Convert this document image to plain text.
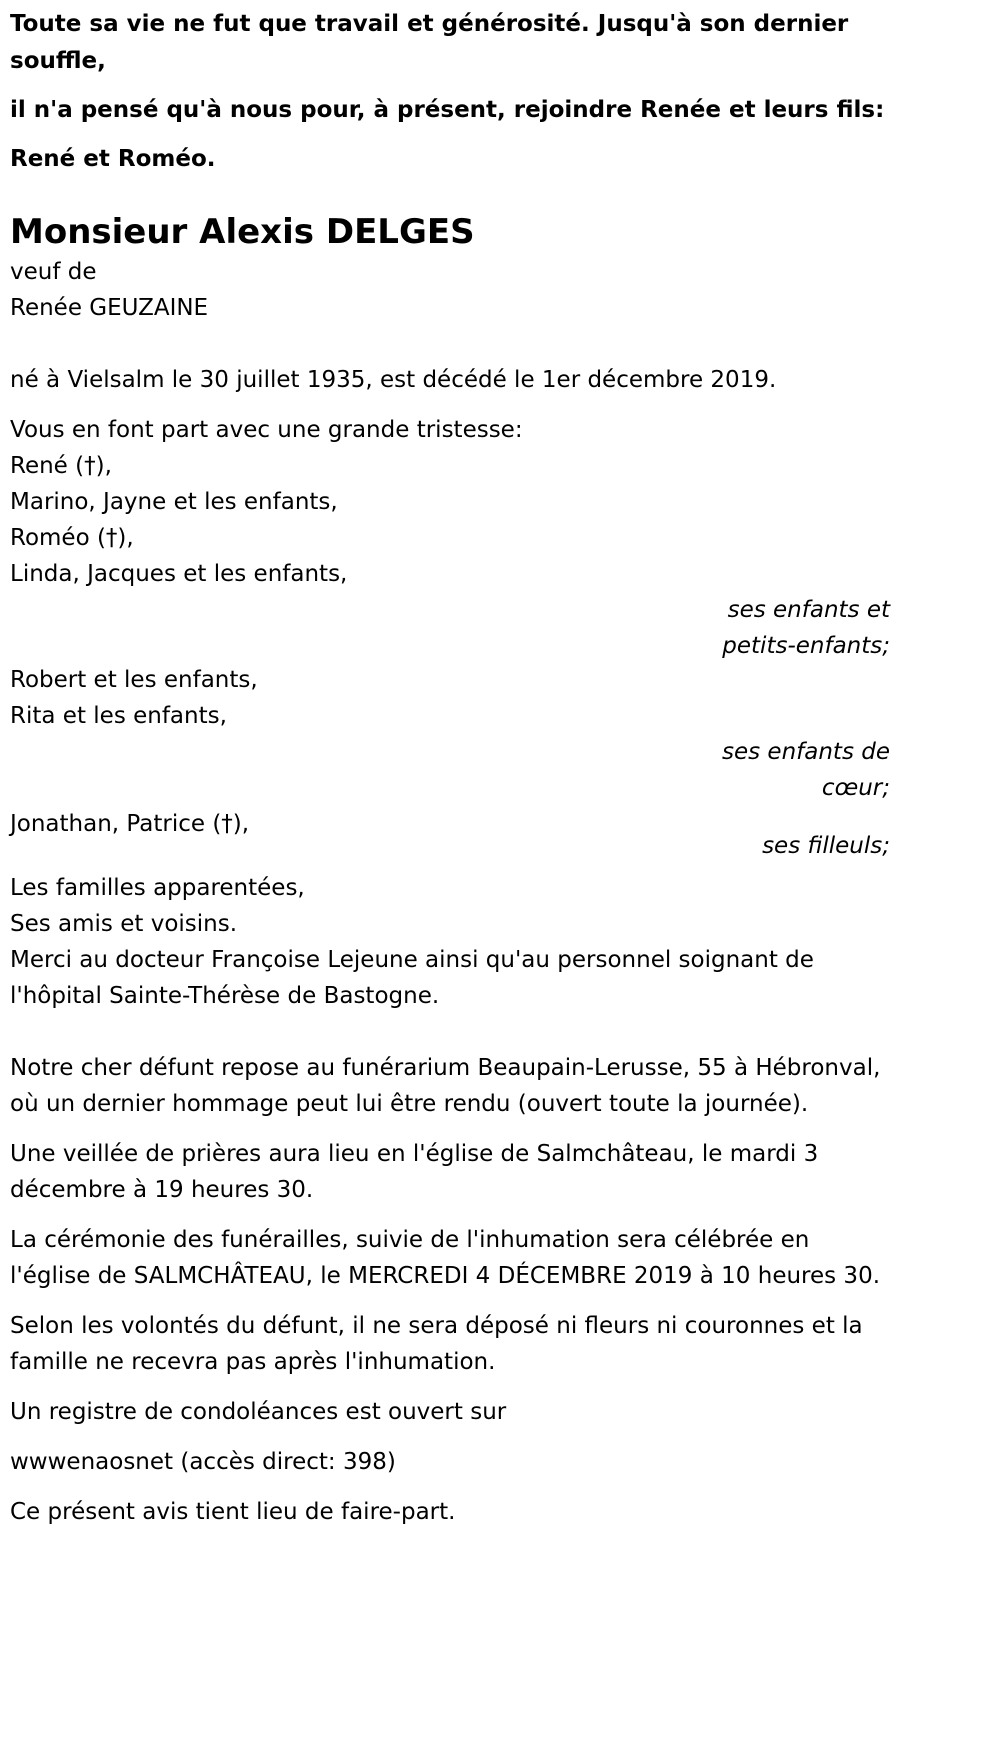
Toute sa vie ne fut que travail et générosité. Jusqu'à son dernier souffle,

il n'a pensé qu'à nous pour, à présent, rejoindre Renée et leurs fils:

René et Roméo.

Monsieur Alexis DELGES

veuf de

Renée GEUZAINE

né à Vielsalm le 30 juillet 1935, est décédé le 1er décembre 2019.

Vous en font part avec une grande tristesse:

René (†),

Marino, Jayne et les enfants,

Roméo (†),

Linda, Jacques et les enfants,

ses enfants et petits-enfants;

Robert et les enfants,

Rita et les enfants,

ses enfants de cœur;

Jonathan, Patrice (†),

ses filleuls;

Les familles apparentées,

Ses amis et voisins.

Merci au docteur Françoise Lejeune ainsi qu'au personnel soignant de l'hôpital Sainte-Thérèse de Bastogne.

Notre cher défunt repose au funérarium Beaupain-Lerusse, 55 à Hébronval, où un dernier hommage peut lui être rendu (ouvert toute la journée).

Une veillée de prières aura lieu en l'église de Salmchâteau, le mardi 3 décembre à 19 heures 30.

La cérémonie des funérailles, suivie de l'inhumation sera célébrée en l'église de SALMCHÂTEAU, le MERCREDI 4 DÉCEMBRE 2019 à 10 heures 30.

Selon les volontés du défunt, il ne sera déposé ni fleurs ni couronnes et la famille ne recevra pas après l'inhumation.

Un registre de condoléances est ouvert sur

wwwenaosnet (accès direct: 398)

Ce présent avis tient lieu de faire-part.
